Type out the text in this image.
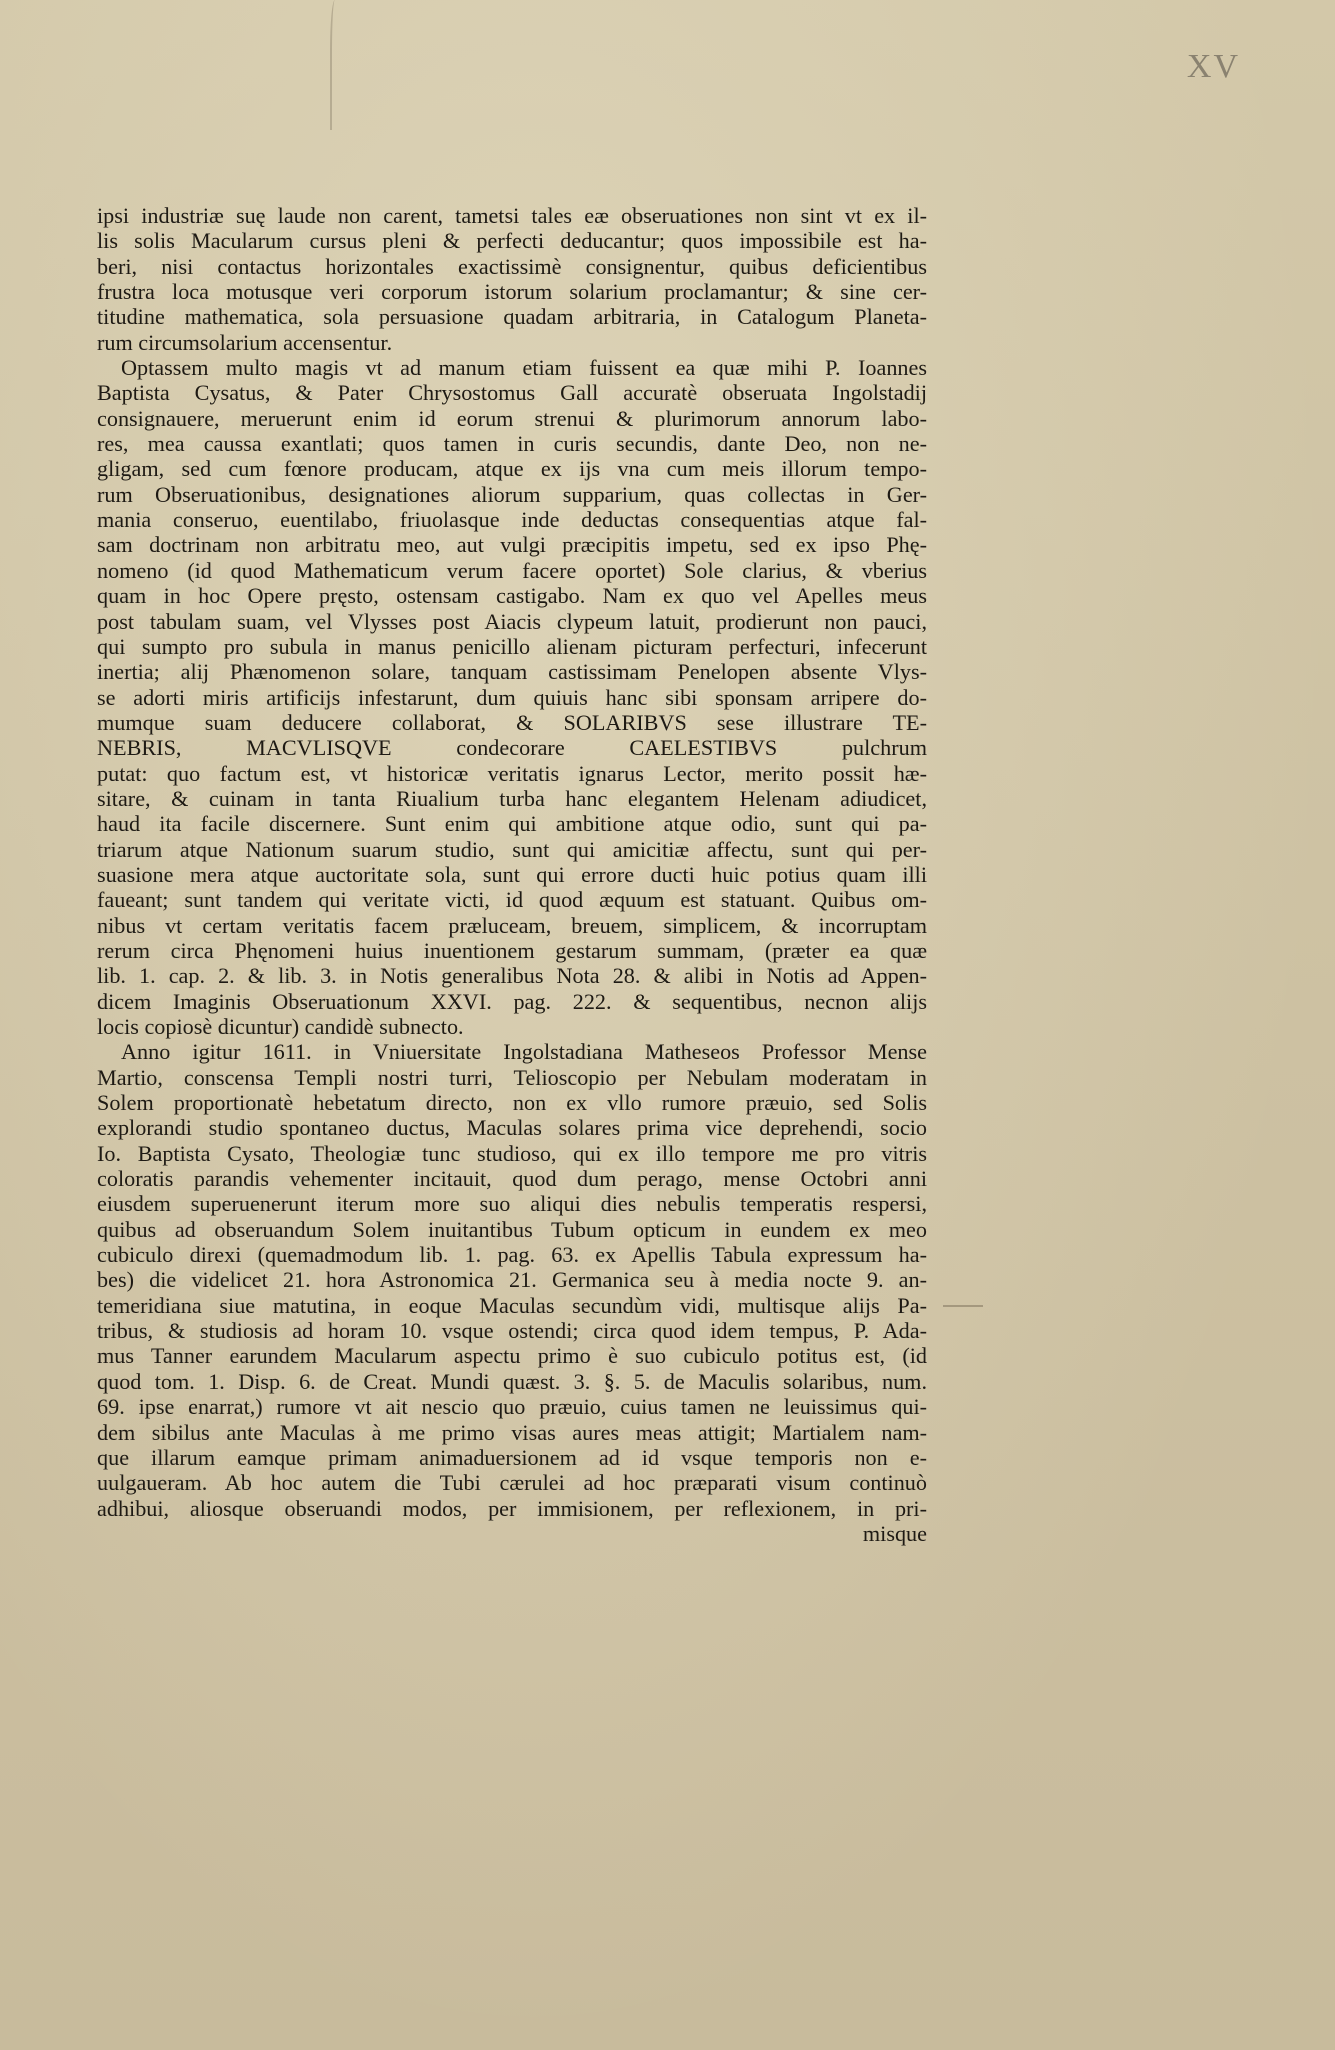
XV
ipsi industriæ suę laude non carent, tametsi tales eæ obseruationes non sint vt ex il-
lis solis Macularum cursus pleni & perfecti deducantur; quos impossibile est ha-
beri, nisi contactus horizontales exactissimè consignentur, quibus deficientibus
frustra loca motusque veri corporum istorum solarium proclamantur; & sine cer-
titudine mathematica, sola persuasione quadam arbitraria, in Catalogum Planeta-
rum circumsolarium accensentur.
Optassem multo magis vt ad manum etiam fuissent ea quæ mihi P. Ioannes
Baptista Cysatus, & Pater Chrysostomus Gall accuratè obseruata Ingolstadij
consignauere, meruerunt enim id eorum strenui & plurimorum annorum labo-
res, mea caussa exantlati; quos tamen in curis secundis, dante Deo, non ne-
gligam, sed cum fœnore producam, atque ex ijs vna cum meis illorum tempo-
rum Obseruationibus, designationes aliorum supparium, quas collectas in Ger-
mania conseruo, euentilabo, friuolasque inde deductas consequentias atque fal-
sam doctrinam non arbitratu meo, aut vulgi præcipitis impetu, sed ex ipso Phę-
nomeno (id quod Mathematicum verum facere oportet) Sole clarius, & vberius
quam in hoc Opere pręsto, ostensam castigabo. Nam ex quo vel Apelles meus
post tabulam suam, vel Vlysses post Aiacis clypeum latuit, prodierunt non pauci,
qui sumpto pro subula in manus penicillo alienam picturam perfecturi, infecerunt
inertia; alij Phænomenon solare, tanquam castissimam Penelopen absente Vlys-
se adorti miris artificijs infestarunt, dum quiuis hanc sibi sponsam arripere do-
mumque suam deducere collaborat, & SOLARIBVS sese illustrare TE-
NEBRIS, MACVLISQVE condecorare CAELESTIBVS pulchrum
putat: quo factum est, vt historicæ veritatis ignarus Lector, merito possit hæ-
sitare, & cuinam in tanta Riualium turba hanc elegantem Helenam adiudicet,
haud ita facile discernere. Sunt enim qui ambitione atque odio, sunt qui pa-
triarum atque Nationum suarum studio, sunt qui amicitiæ affectu, sunt qui per-
suasione mera atque auctoritate sola, sunt qui errore ducti huic potius quam illi
faueant; sunt tandem qui veritate victi, id quod æquum est statuant. Quibus om-
nibus vt certam veritatis facem prælucеam, breuem, simplicem, & incorruptam
rerum circa Phęnomeni huius inuentionem gestarum summam, (præter ea quæ
lib. 1. cap. 2. & lib. 3. in Notis generalibus Nota 28. & alibi in Notis ad Appen-
dicem Imaginis Obseruationum XXVI. pag. 222. & sequentibus, necnon alijs
locis copiosè dicuntur) candidè subnecto.
Anno igitur 1611. in Vniuersitate Ingolstadiana Matheseos Professor Mense
Martio, conscensa Templi nostri turri, Telioscopio per Nebulam moderatam in
Solem proportionatè hebetatum directo, non ex vllo rumore præuio, sed Solis
explorandi studio spontaneo ductus, Maculas solares prima vice deprehendi, socio
Io. Baptista Cysato, Theologiæ tunc studioso, qui ex illo tempore me pro vitris
coloratis parandis vehementer incitauit, quod dum perago, mense Octobri anni
eiusdem superuenerunt iterum more suo aliqui dies nebulis temperatis respersi,
quibus ad obseruandum Solem inuitantibus Tubum opticum in eundem ex meo
cubiculo direxi (quemadmodum lib. 1. pag. 63. ex Apellis Tabula expressum ha-
bes) die videlicet 21. hora Astronomica 21. Germanica seu à media nocte 9. an-
temeridiana siue matutina, in eoque Maculas secundùm vidi, multisque alijs Pa-
tribus, & studiosis ad horam 10. vsque ostendi; circa quod idem tempus, P. Ada-
mus Tanner earundem Macularum aspectu primo è suo cubiculo potitus est, (id
quod tom. 1. Disp. 6. de Creat. Mundi quæst. 3. §. 5. de Maculis solaribus, num.
69. ipse enarrat,) rumore vt ait nescio quo præuio, cuius tamen ne leuissimus qui-
dem sibilus ante Maculas à me primo visas aures meas attigit; Martialem nam-
que illarum eamque primam animaduersionem ad id vsque temporis non e-
uulgaueram. Ab hoc autem die Tubi cærulei ad hoc præparati visum continuò
adhibui, aliosque obseruandi modos, per immisionem, per reflexionem, in pri-
misque
